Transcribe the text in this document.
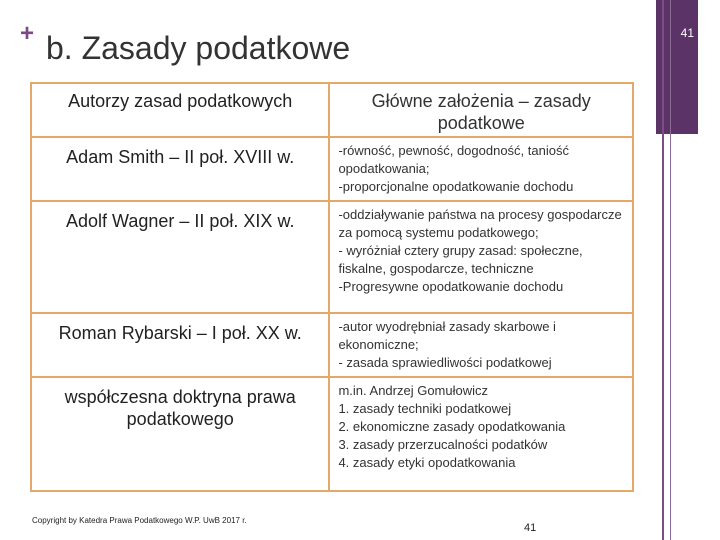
+ b. Zasady podatkowe	41
Autorzy zasad podatkowych	Główne założenia – zasady podatkowe
Adam Smith – II poł. XVIII w.	-równość, pewność, dogodność, taniość opodatkowania;
-proporcjonalne opodatkowanie dochodu
Adolf Wagner – II poł. XIX w.	-oddziaływanie państwa na procesy gospodarcze za pomocą systemu podatkowego;
- wyróżniał cztery grupy zasad: społeczne, fiskalne, gospodarcze, techniczne
-Progresywne opodatkowanie dochodu
Roman Rybarski – I poł. XX w.	-autor wyodrębniał zasady skarbowe i ekonomiczne;
- zasada sprawiedliwości podatkowej
współczesna doktryna prawa podatkowego	m.in. Andrzej Gomułowicz
1. zasady techniki podatkowej
2. ekonomiczne zasady opodatkowania
3. zasady przerzucalności podatków
4. zasady etyki opodatkowania
Copyright by Katedra Prawa Podatkowego W.P. UwB 2017 r.
41
